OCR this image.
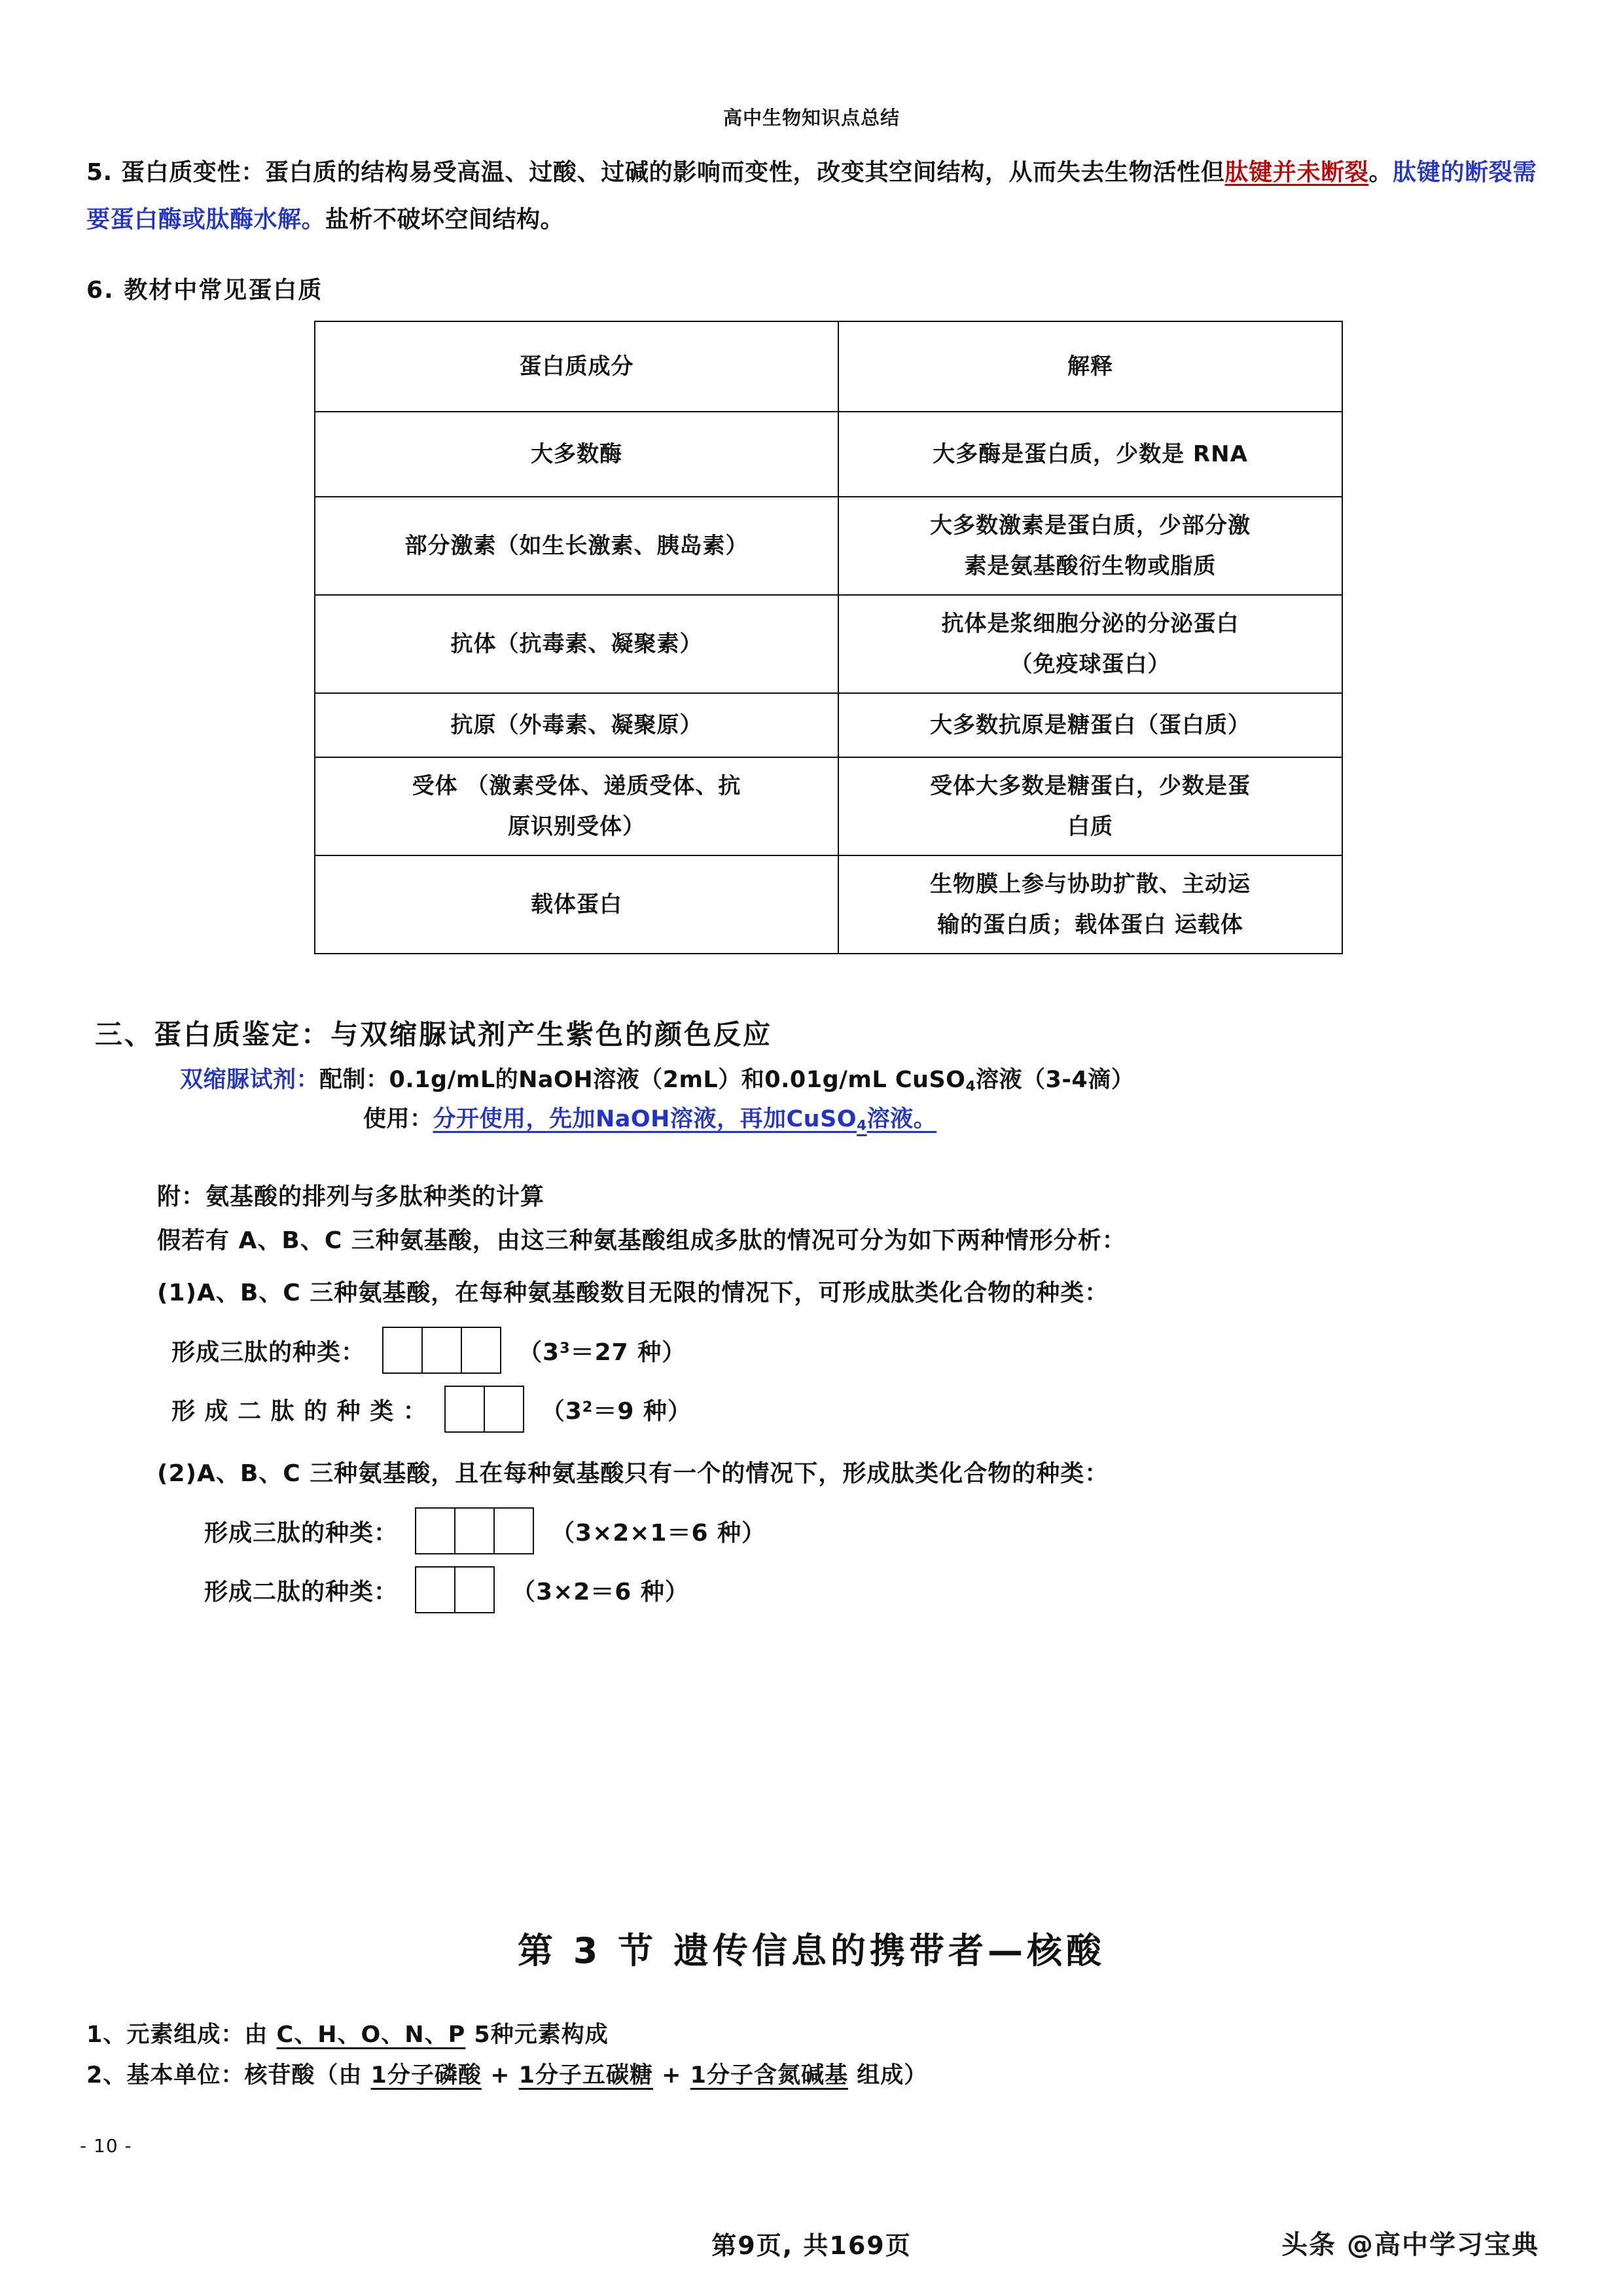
高中生物知识点总结
5. 蛋白质变性：蛋白质的结构易受高温、过酸、过碱的影响而变性，改变其空间结构，从而失去生物活性但肽键并未断裂。肽键的断裂需要蛋白酶或肽酶水解。盐析不破坏空间结构。
6. 教材中常见蛋白质
蛋白质成分	解释
大多数酶	大多酶是蛋白质，少数是 RNA

部分激素（如生长激素、胰岛素）	大多数激素是蛋白质，少部分激
素是氨基酸衍生物或脂质

抗体（抗毒素、凝聚素）	抗体是浆细胞分泌的分泌蛋白
（免疫球蛋白）

抗原（外毒素、凝聚原）	大多数抗原是糖蛋白（蛋白质）

受体 （激素受体、递质受体、抗
原识别受体）	受体大多数是糖蛋白，少数是蛋
白质

载体蛋白	生物膜上参与协助扩散、主动运
输的蛋白质；载体蛋白 运载体
三、蛋白质鉴定：与双缩脲试剂产生紫色的颜色反应
双缩脲试剂：配制：0.1g/mL的NaOH溶液（2mL）和0.01g/mL CuSO$_4$溶液（3-4滴）
使用：分开使用，先加NaOH溶液，再加CuSO$_4$溶液。
附：氨基酸的排列与多肽种类的计算
假若有 A、B、C 三种氨基酸，由这三种氨基酸组成多肽的情况可分为如下两种情形分析：
(1)A、B、C 三种氨基酸，在每种氨基酸数目无限的情况下，可形成肽类化合物的种类：
形成三肽的种类：	（$3^3=27$ 种）
形 成 二 肽 的 种 类 ：	（$3^2=9$ 种）
(2)A、B、C 三种氨基酸，且在每种氨基酸只有一个的情况下，形成肽类化合物的种类：
形成三肽的种类：	（3×2×1＝6 种）
形成二肽的种类：	（3×2＝6 种）
第 3 节 遗传信息的携带者—核酸
1、元素组成：由 C、H、O、N、P 5种元素构成
2、基本单位：核苷酸（由 1分子磷酸 + 1分子五碳糖 + 1分子含氮碱基 组成）
- 10 -
第9页, 共169页	头条 @高中学习宝典
